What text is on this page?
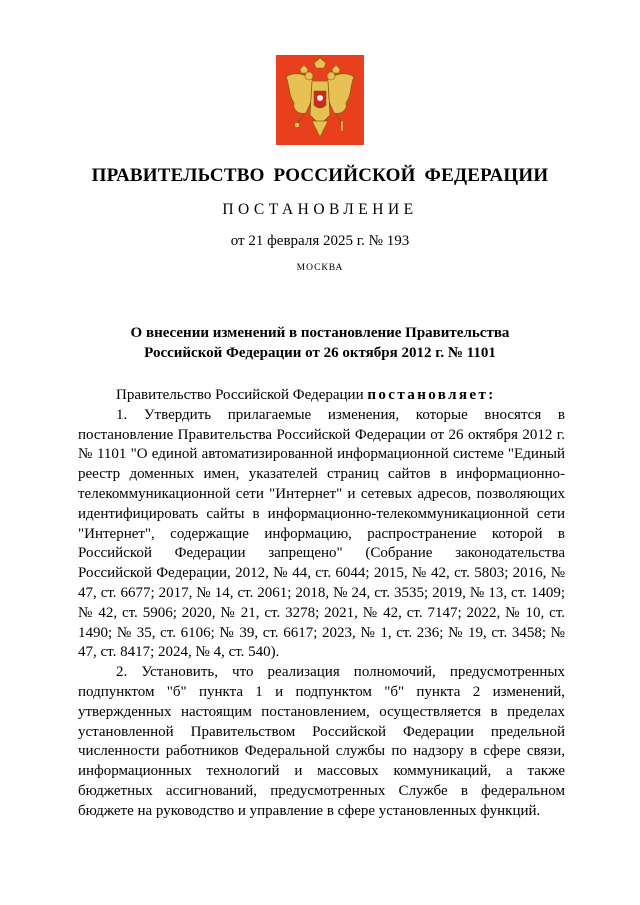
ПРАВИТЕЛЬСТВО РОССИЙСКОЙ ФЕДЕРАЦИИ
ПОСТАНОВЛЕНИЕ
от 21 февраля 2025 г. № 193
МОСКВА
О внесении изменений в постановление Правительства
Российской Федерации от 26 октября 2012 г. № 1101

Правительство Российской Федерации постановляет:

1. Утвердить прилагаемые изменения, которые вносятся в постановление Правительства Российской Федерации от 26 октября 2012 г. № 1101 "О единой автоматизированной информационной системе "Единый реестр доменных имен, указателей страниц сайтов в информационно-телекоммуникационной сети "Интернет" и сетевых адресов, позволяющих идентифицировать сайты в информационно-телекоммуникационной сети "Интернет", содержащие информацию, распространение которой в Российской Федерации запрещено" (Собрание законодательства Российской Федерации, 2012, № 44, ст. 6044; 2015, № 42, ст. 5803; 2016, № 47, ст. 6677; 2017, № 14, ст. 2061; 2018, № 24, ст. 3535; 2019, № 13, ст. 1409; № 42, ст. 5906; 2020, № 21, ст. 3278; 2021, № 42, ст. 7147; 2022, № 10, ст. 1490; № 35, ст. 6106; № 39, ст. 6617; 2023, № 1, ст. 236; № 19, ст. 3458; № 47, ст. 8417; 2024, № 4, ст. 540).

2. Установить, что реализация полномочий, предусмотренных подпунктом "б" пункта 1 и подпунктом "б" пункта 2 изменений, утвержденных настоящим постановлением, осуществляется в пределах установленной Правительством Российской Федерации предельной численности работников Федеральной службы по надзору в сфере связи, информационных технологий и массовых коммуникаций, а также бюджетных ассигнований, предусмотренных Службе в федеральном бюджете на руководство и управление в сфере установленных функций.
